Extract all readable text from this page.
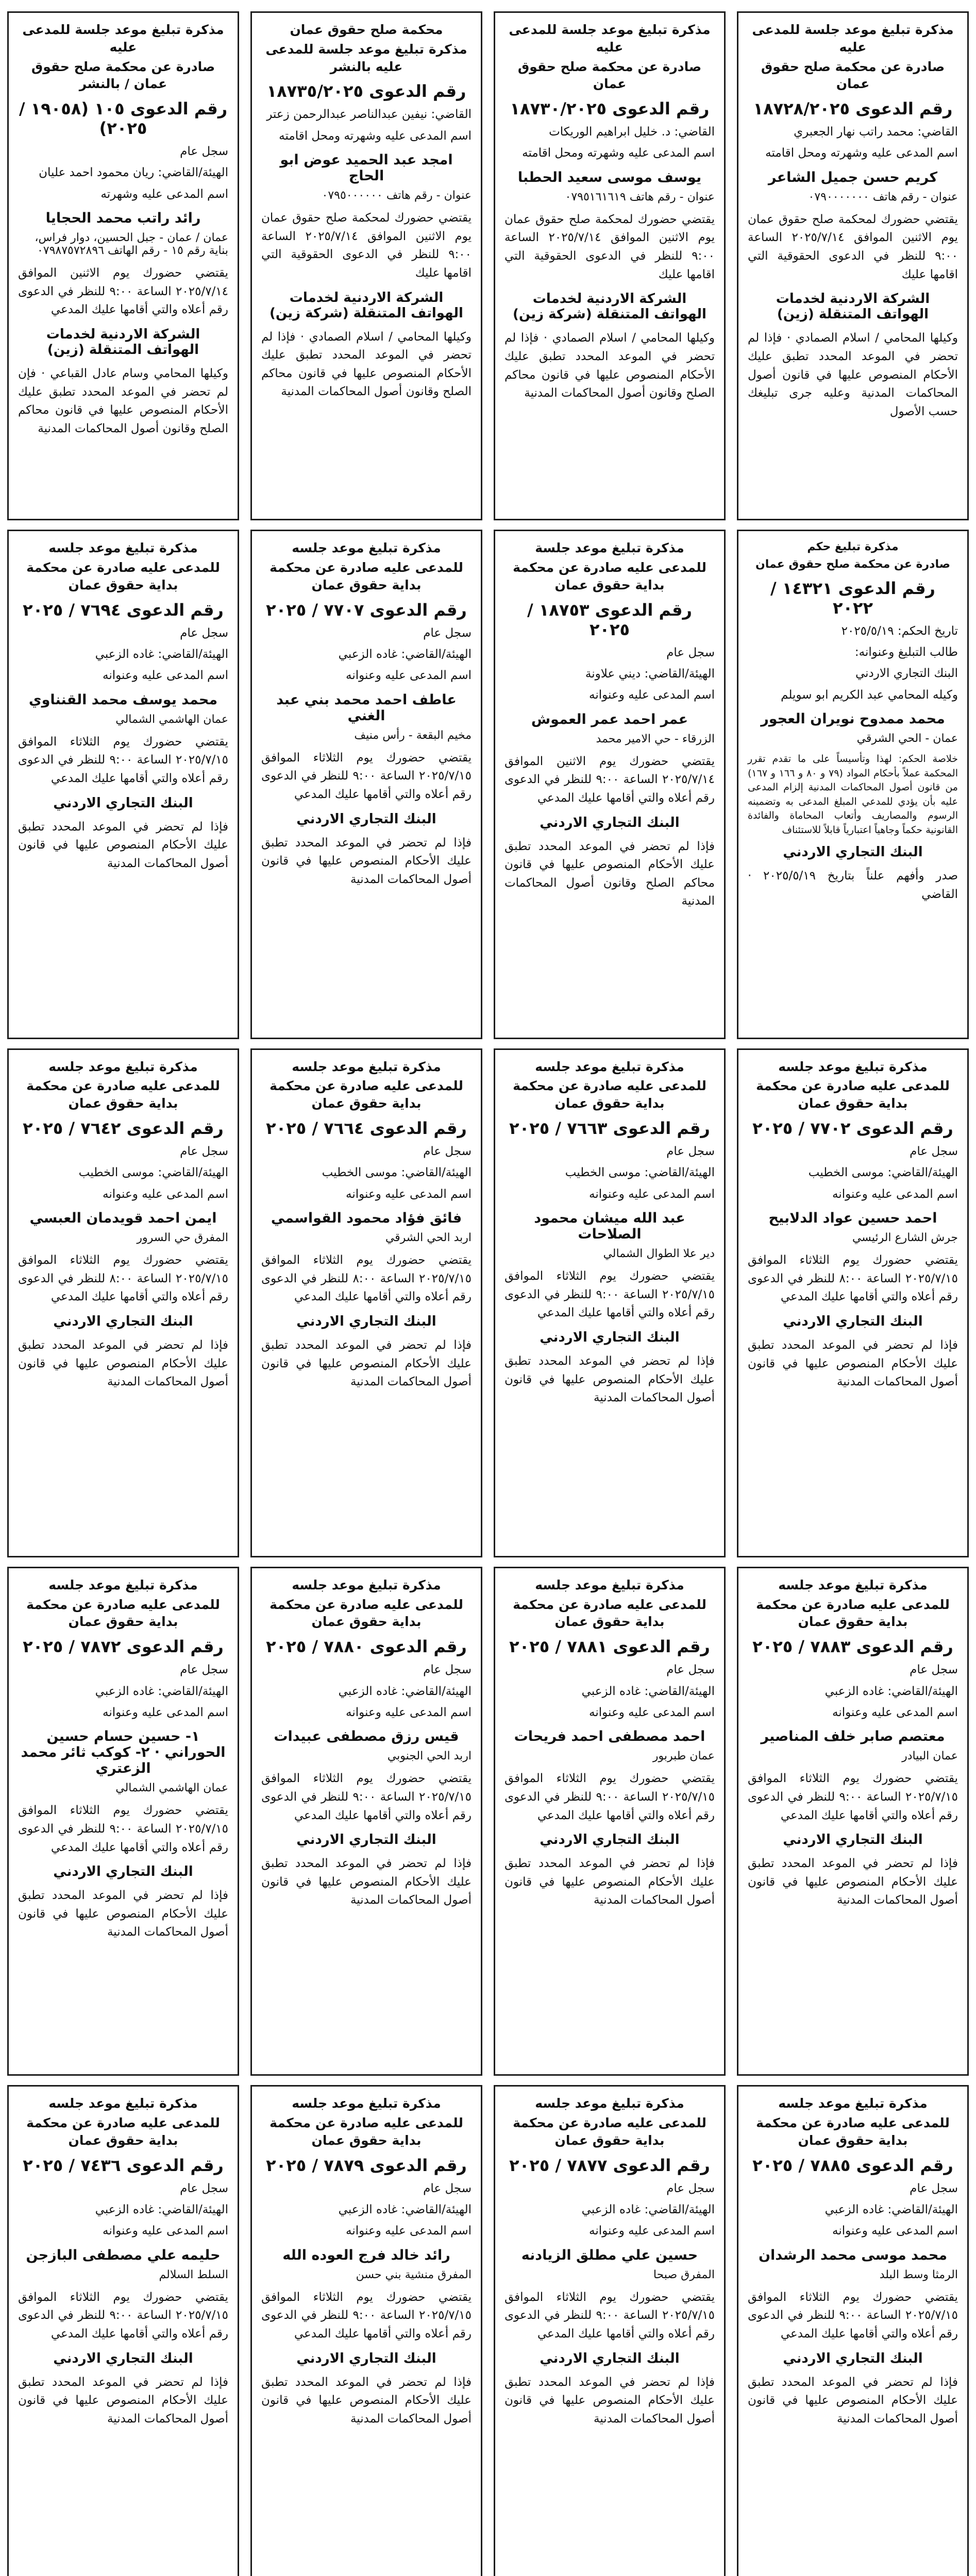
مذكرة تبليغ موعد جلسة للمدعى عليه
صادرة عن محكمة صلح حقوق عمان
رقم الدعوى ١٨٧٢٨/٢٠٢٥
القاضي: محمد راتب نهار الجعبري
اسم المدعى عليه وشهرته ومحل اقامته
كريم حسن جميل الشاعر
عنوان - رقم هاتف ٠٧٩٠٠٠٠٠٠٠
يقتضي حضورك لمحكمة صلح حقوق عمان يوم الاثنين الموافق ٢٠٢٥/٧/١٤ الساعة ٩:٠٠ للنظر في الدعوى الحقوقية التي اقامها عليك
الشركة الاردنية لخدمات الهواتف المتنقلة (زين)
وكيلها المحامي / اسلام الصمادي · فإذا لم تحضر في الموعد المحدد تطبق عليك الأحكام المنصوص عليها في قانون أصول المحاكمات المدنية وعليه جرى تبليغك حسب الأصول
مذكرة تبليغ موعد جلسة للمدعى عليه
صادرة عن محكمة صلح حقوق عمان
رقم الدعوى ١٨٧٣٠/٢٠٢٥
القاضي: د. خليل ابراهيم الوريكات
اسم المدعى عليه وشهرته ومحل اقامته
يوسف موسى سعيد الحطبا
عنوان - رقم هاتف ٠٧٩٥١٦١٦١٩
يقتضي حضورك لمحكمة صلح حقوق عمان يوم الاثنين الموافق ٢٠٢٥/٧/١٤ الساعة ٩:٠٠ للنظر في الدعوى الحقوقية التي اقامها عليك
الشركة الاردنية لخدمات الهواتف المتنقلة (شركة زين)
وكيلها المحامي / اسلام الصمادي · فإذا لم تحضر في الموعد المحدد تطبق عليك الأحكام المنصوص عليها في قانون محاكم الصلح وقانون أصول المحاكمات المدنية
محكمة صلح حقوق عمان
مذكرة تبليغ موعد جلسة للمدعى عليه بالنشر
رقم الدعوى ١٨٧٣٥/٢٠٢٥
القاضي: نيفين عبدالناصر عبدالرحمن زعتر
اسم المدعى عليه وشهرته ومحل اقامته
امجد عبد الحميد عوض ابو الحاج
عنوان - رقم هاتف ٠٧٩٥٠٠٠٠٠٠
يقتضي حضورك لمحكمة صلح حقوق عمان يوم الاثنين الموافق ٢٠٢٥/٧/١٤ الساعة ٩:٠٠ للنظر في الدعوى الحقوقية التي اقامها عليك
الشركة الاردنية لخدمات الهواتف المتنقلة (شركة زين)
وكيلها المحامي / اسلام الصمادي · فإذا لم تحضر في الموعد المحدد تطبق عليك الأحكام المنصوص عليها في قانون محاكم الصلح وقانون أصول المحاكمات المدنية
مذكرة تبليغ موعد جلسة للمدعى عليه
صادرة عن محكمة صلح حقوق عمان / بالنشر
رقم الدعوى ١٠٥ (١٩٠٥٨ / ٢٠٢٥)
سجل عام
الهيئة/القاضي: ريان محمود احمد عليان
اسم المدعى عليه وشهرته
رائد راتب محمد الحجايا
عمان / عمان - جبل الحسين، دوار فراس، بناية رقم ١٥ - رقم الهاتف ٠٧٩٨٧٥٧٢٨٩٦
يقتضي حضورك يوم الاثنين الموافق ٢٠٢٥/٧/١٤ الساعة ٩:٠٠ للنظر في الدعوى رقم أعلاه والتي أقامها عليك المدعي
الشركة الاردنية لخدمات الهواتف المتنقلة (زين)
وكيلها المحامي وسام عادل القباعي · فإن لم تحضر في الموعد المحدد تطبق عليك الأحكام المنصوص عليها في قانون محاكم الصلح وقانون أصول المحاكمات المدنية
مذكرة تبليغ حكم
صادرة عن محكمة صلح حقوق عمان
رقم الدعوى ١٤٣٢١ / ٢٠٢٢
تاريخ الحكم: ٢٠٢٥/٥/١٩
طالب التبليغ وعنوانه:
البنك التجاري الاردني
وكيله المحامي عبد الكريم ابو سويلم
محمد ممدوح نويران العجور
عمان - الحي الشرقي
خلاصة الحكم: لهذا وتأسيساً على ما تقدم تقرر المحكمة عملاً بأحكام المواد (٧٩ و ٨٠ و ١٦٦ و ١٦٧) من قانون أصول المحاكمات المدنية إلزام المدعى عليه بأن يؤدي للمدعي المبلغ المدعى به وتضمينه الرسوم والمصاريف وأتعاب المحاماة والفائدة القانونية حكماً وجاهياً اعتبارياً قابلاً للاستئناف
البنك التجاري الاردني
صدر وأفهم علناً بتاريخ ٢٠٢٥/٥/١٩ · القاضي
مذكرة تبليغ موعد جلسة
للمدعى عليه صادرة عن محكمة بداية حقوق عمان
رقم الدعوى ١٨٧٥٣ / ٢٠٢٥
سجل عام
الهيئة/القاضي: ديني علاونة
اسم المدعى عليه وعنوانه
عمر احمد عمر العموش
الزرقاء - حي الامير محمد
يقتضي حضورك يوم الاثنين الموافق ٢٠٢٥/٧/١٤ الساعة ٩:٠٠ للنظر في الدعوى رقم أعلاه والتي أقامها عليك المدعي
البنك التجاري الاردني
فإذا لم تحضر في الموعد المحدد تطبق عليك الأحكام المنصوص عليها في قانون محاكم الصلح وقانون أصول المحاكمات المدنية
مذكرة تبليغ موعد جلسه
للمدعى عليه صادرة عن محكمة بداية حقوق عمان
رقم الدعوى ٧٧٠٧ / ٢٠٢٥
سجل عام
الهيئة/القاضي: غاده الزعبي
اسم المدعى عليه وعنوانه
عاطف احمد محمد بني عبد الغني
مخيم البقعة - رأس منيف
يقتضي حضورك يوم الثلاثاء الموافق ٢٠٢٥/٧/١٥ الساعة ٩:٠٠ للنظر في الدعوى رقم أعلاه والتي أقامها عليك المدعي
البنك التجاري الاردني
فإذا لم تحضر في الموعد المحدد تطبق عليك الأحكام المنصوص عليها في قانون أصول المحاكمات المدنية
مذكرة تبليغ موعد جلسه
للمدعى عليه صادرة عن محكمة بداية حقوق عمان
رقم الدعوى ٧٦٩٤ / ٢٠٢٥
سجل عام
الهيئة/القاضي: غاده الزعبي
اسم المدعى عليه وعنوانه
محمد يوسف محمد القنناوي
عمان الهاشمي الشمالي
يقتضي حضورك يوم الثلاثاء الموافق ٢٠٢٥/٧/١٥ الساعة ٩:٠٠ للنظر في الدعوى رقم أعلاه والتي أقامها عليك المدعي
البنك التجاري الاردني
فإذا لم تحضر في الموعد المحدد تطبق عليك الأحكام المنصوص عليها في قانون أصول المحاكمات المدنية
مذكرة تبليغ موعد جلسه
للمدعى عليه صادرة عن محكمة بداية حقوق عمان
رقم الدعوى ٧٧٠٢ / ٢٠٢٥
سجل عام
الهيئة/القاضي: موسى الخطيب
اسم المدعى عليه وعنوانه
احمد حسين عواد الدلابيح
جرش الشارع الرئيسي
يقتضي حضورك يوم الثلاثاء الموافق ٢٠٢٥/٧/١٥ الساعة ٨:٠٠ للنظر في الدعوى رقم أعلاه والتي أقامها عليك المدعي
البنك التجاري الاردني
فإذا لم تحضر في الموعد المحدد تطبق عليك الأحكام المنصوص عليها في قانون أصول المحاكمات المدنية
مذكرة تبليغ موعد جلسه
للمدعى عليه صادرة عن محكمة بداية حقوق عمان
رقم الدعوى ٧٦٦٣ / ٢٠٢٥
سجل عام
الهيئة/القاضي: موسى الخطيب
اسم المدعى عليه وعنوانه
عبد الله ميشان محمود الصلاحات
دير علا الطوال الشمالي
يقتضي حضورك يوم الثلاثاء الموافق ٢٠٢٥/٧/١٥ الساعة ٩:٠٠ للنظر في الدعوى رقم أعلاه والتي أقامها عليك المدعي
البنك التجاري الاردني
فإذا لم تحضر في الموعد المحدد تطبق عليك الأحكام المنصوص عليها في قانون أصول المحاكمات المدنية
مذكرة تبليغ موعد جلسه
للمدعى عليه صادرة عن محكمة بداية حقوق عمان
رقم الدعوى ٧٦٦٤ / ٢٠٢٥
سجل عام
الهيئة/القاضي: موسى الخطيب
اسم المدعى عليه وعنوانه
فائق فؤاد محمود القواسمي
اربد الحي الشرقي
يقتضي حضورك يوم الثلاثاء الموافق ٢٠٢٥/٧/١٥ الساعة ٨:٠٠ للنظر في الدعوى رقم أعلاه والتي أقامها عليك المدعي
البنك التجاري الاردني
فإذا لم تحضر في الموعد المحدد تطبق عليك الأحكام المنصوص عليها في قانون أصول المحاكمات المدنية
مذكرة تبليغ موعد جلسه
للمدعى عليه صادرة عن محكمة بداية حقوق عمان
رقم الدعوى ٧٦٤٢ / ٢٠٢٥
سجل عام
الهيئة/القاضي: موسى الخطيب
اسم المدعى عليه وعنوانه
ايمن احمد قويدمان العبسي
المفرق حي السرور
يقتضي حضورك يوم الثلاثاء الموافق ٢٠٢٥/٧/١٥ الساعة ٨:٠٠ للنظر في الدعوى رقم أعلاه والتي أقامها عليك المدعي
البنك التجاري الاردني
فإذا لم تحضر في الموعد المحدد تطبق عليك الأحكام المنصوص عليها في قانون أصول المحاكمات المدنية
مذكرة تبليغ موعد جلسه
للمدعى عليه صادرة عن محكمة بداية حقوق عمان
رقم الدعوى ٧٨٨٣ / ٢٠٢٥
سجل عام
الهيئة/القاضي: غاده الزعبي
اسم المدعى عليه وعنوانه
معتصم صابر خلف المناصير
عمان البيادر
يقتضي حضورك يوم الثلاثاء الموافق ٢٠٢٥/٧/١٥ الساعة ٩:٠٠ للنظر في الدعوى رقم أعلاه والتي أقامها عليك المدعي
البنك التجاري الاردني
فإذا لم تحضر في الموعد المحدد تطبق عليك الأحكام المنصوص عليها في قانون أصول المحاكمات المدنية
مذكرة تبليغ موعد جلسه
للمدعى عليه صادرة عن محكمة بداية حقوق عمان
رقم الدعوى ٧٨٨١ / ٢٠٢٥
سجل عام
الهيئة/القاضي: غاده الزعبي
اسم المدعى عليه وعنوانه
احمد مصطفى احمد فريحات
عمان طبربور
يقتضي حضورك يوم الثلاثاء الموافق ٢٠٢٥/٧/١٥ الساعة ٩:٠٠ للنظر في الدعوى رقم أعلاه والتي أقامها عليك المدعي
البنك التجاري الاردني
فإذا لم تحضر في الموعد المحدد تطبق عليك الأحكام المنصوص عليها في قانون أصول المحاكمات المدنية
مذكرة تبليغ موعد جلسه
للمدعى عليه صادرة عن محكمة بداية حقوق عمان
رقم الدعوى ٧٨٨٠ / ٢٠٢٥
سجل عام
الهيئة/القاضي: غاده الزعبي
اسم المدعى عليه وعنوانه
قيس رزق مصطفى عبيدات
اربد الحي الجنوبي
يقتضي حضورك يوم الثلاثاء الموافق ٢٠٢٥/٧/١٥ الساعة ٩:٠٠ للنظر في الدعوى رقم أعلاه والتي أقامها عليك المدعي
البنك التجاري الاردني
فإذا لم تحضر في الموعد المحدد تطبق عليك الأحكام المنصوص عليها في قانون أصول المحاكمات المدنية
مذكرة تبليغ موعد جلسه
للمدعى عليه صادرة عن محكمة بداية حقوق عمان
رقم الدعوى ٧٨٧٢ / ٢٠٢٥
سجل عام
الهيئة/القاضي: غاده الزعبي
اسم المدعى عليه وعنوانه
١- حسين حسام حسين الحوراني · ٢- كوكب ثائر محمد الزعتري
عمان الهاشمي الشمالي
يقتضي حضورك يوم الثلاثاء الموافق ٢٠٢٥/٧/١٥ الساعة ٩:٠٠ للنظر في الدعوى رقم أعلاه والتي أقامها عليك المدعي
البنك التجاري الاردني
فإذا لم تحضر في الموعد المحدد تطبق عليك الأحكام المنصوص عليها في قانون أصول المحاكمات المدنية
مذكرة تبليغ موعد جلسه
للمدعى عليه صادرة عن محكمة بداية حقوق عمان
رقم الدعوى ٧٨٨٥ / ٢٠٢٥
سجل عام
الهيئة/القاضي: غاده الزعبي
اسم المدعى عليه وعنوانه
محمد موسى محمد الرشدان
الرمثا وسط البلد
يقتضي حضورك يوم الثلاثاء الموافق ٢٠٢٥/٧/١٥ الساعة ٩:٠٠ للنظر في الدعوى رقم أعلاه والتي أقامها عليك المدعي
البنك التجاري الاردني
فإذا لم تحضر في الموعد المحدد تطبق عليك الأحكام المنصوص عليها في قانون أصول المحاكمات المدنية
مذكرة تبليغ موعد جلسه
للمدعى عليه صادرة عن محكمة بداية حقوق عمان
رقم الدعوى ٧٨٧٧ / ٢٠٢٥
سجل عام
الهيئة/القاضي: غاده الزعبي
اسم المدعى عليه وعنوانه
حسين علي مطلق الزيادنه
المفرق صبحا
يقتضي حضورك يوم الثلاثاء الموافق ٢٠٢٥/٧/١٥ الساعة ٩:٠٠ للنظر في الدعوى رقم أعلاه والتي أقامها عليك المدعي
البنك التجاري الاردني
فإذا لم تحضر في الموعد المحدد تطبق عليك الأحكام المنصوص عليها في قانون أصول المحاكمات المدنية
مذكرة تبليغ موعد جلسه
للمدعى عليه صادرة عن محكمة بداية حقوق عمان
رقم الدعوى ٧٨٧٩ / ٢٠٢٥
سجل عام
الهيئة/القاضي: غاده الزعبي
اسم المدعى عليه وعنوانه
رائد خالد فرج العوده الله
المفرق منشية بني حسن
يقتضي حضورك يوم الثلاثاء الموافق ٢٠٢٥/٧/١٥ الساعة ٩:٠٠ للنظر في الدعوى رقم أعلاه والتي أقامها عليك المدعي
البنك التجاري الاردني
فإذا لم تحضر في الموعد المحدد تطبق عليك الأحكام المنصوص عليها في قانون أصول المحاكمات المدنية
مذكرة تبليغ موعد جلسه
للمدعى عليه صادرة عن محكمة بداية حقوق عمان
رقم الدعوى ٧٤٣٦ / ٢٠٢٥
سجل عام
الهيئة/القاضي: غاده الزعبي
اسم المدعى عليه وعنوانه
حليمه علي مصطفى البازجن
السلط السلالم
يقتضي حضورك يوم الثلاثاء الموافق ٢٠٢٥/٧/١٥ الساعة ٩:٠٠ للنظر في الدعوى رقم أعلاه والتي أقامها عليك المدعي
البنك التجاري الاردني
فإذا لم تحضر في الموعد المحدد تطبق عليك الأحكام المنصوص عليها في قانون أصول المحاكمات المدنية
